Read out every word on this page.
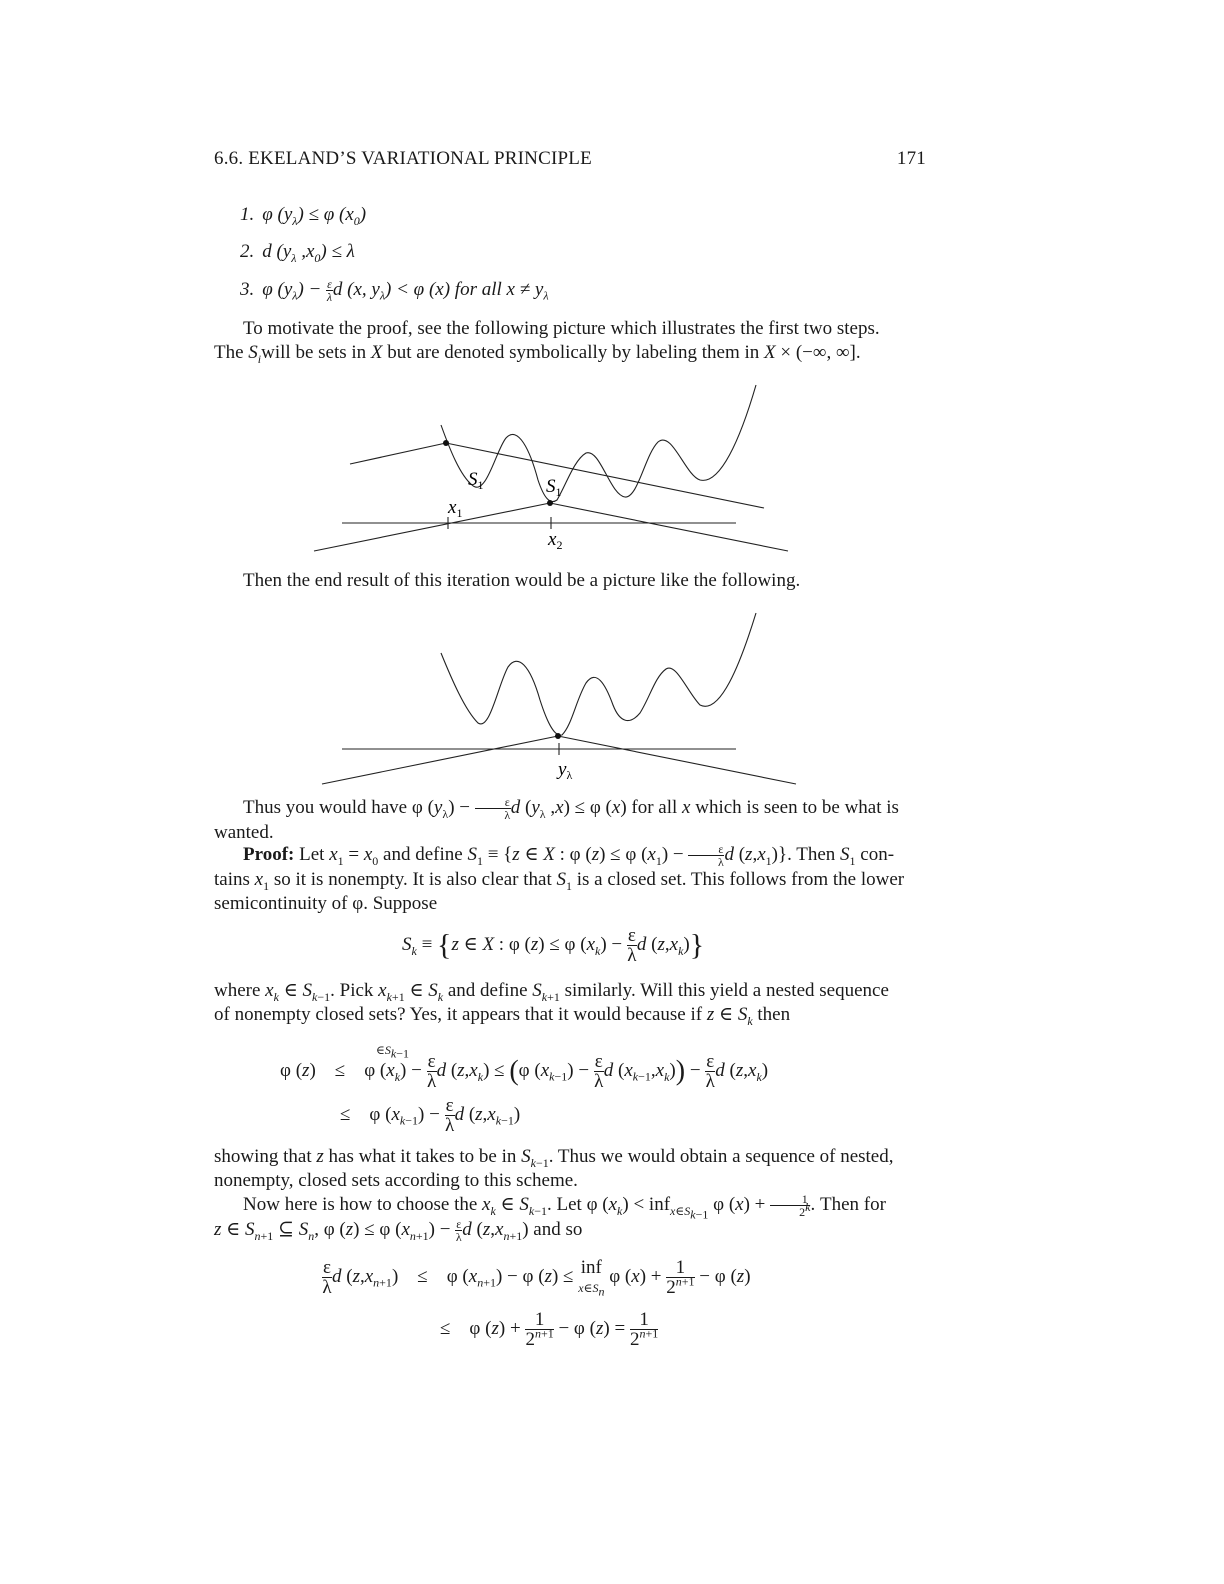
6.6. EKELAND’S VARIATIONAL PRINCIPLE	171
1. φ $(y_\lambda) \le \varphi$ $(x_0)$
2. d ($y_\lambda$ $,x_0) \le \lambda$
3. φ $(y_\lambda) - \frac{\varepsilon}{\lambda}$ d (x, $y_\lambda) < \varphi$ (x) for all $x \ne y_\lambda$
To motivate the proof, see the following picture which illustrates the first two steps.
The $S_iwill$ be sets in X but are denoted symbolically by labeling them in X × (−∞, ∞].
$S_1$	$S_1$
$x_1$
$x_2$
Then the end result of this iteration would be a picture like the following.
$y_\lambda$
Thus you would have φ $(y_\lambda) - \frac{\varepsilon}{\lambda}$ d ($y_\lambda$ ,x) ≤ φ (x) for all x which is seen to be what is
wanted.
Proof: Let $x_1 = x_0$ and define $S_1 \equiv \{z$ ∈ X : φ (z) ≤ φ $(x_1) - \frac{\varepsilon}{\lambda}$ d $(z,x_1)$}. Then $S_1$ con-
tains $x_1$ so it is nonempty. It is also clear that $S_1$ is a closed set. This follows from the lower
semicontinuity of φ. Suppose
$S_k \equiv \{z$ ∈ X : φ (z) ≤ φ $(x_k) - \frac{\varepsilon}{\lambda}$ d $(z,x_k)$}
where $x_k$ ∈ $S_{k-1}$. Pick $x_{k+1}$ ∈ $S_k$ and define $S_{k+1}$ similarly. Will this yield a nested sequence
of nonempty closed sets? Yes, it appears that it would because if z ∈ $S_k$ then
$\in S_{k-1}$
φ (z)    ≤    φ $(x_k) - \frac{\varepsilon}{\lambda}$ d $(z,x_k) \le (\varphi$ $(x_{k-1}) - \frac{\varepsilon}{\lambda}$ d $(x_{k-1},x_k)) - \frac{\varepsilon}{\lambda}$ d $(z,x_k)$
≤    φ $(x_{k-1}) - \frac{\varepsilon}{\lambda}$ d $(z,x_{k-1})$
showing that z has what it takes to be in $S_{k-1}$. Thus we would obtain a sequence of nested,
nonempty, closed sets according to this scheme.
Now here is how to choose the $x_k$ ∈ $S_{k-1}$. Let φ $(x_k) < inf_{x\in S_{k-1}}$ φ $(x) + \frac{1}{2^k}$ . Then for
z ∈ $S_{n+1}$ ⊆ $S_n$, φ (z) ≤ φ $(x_{n+1}) - \frac{\varepsilon}{\lambda}$ d $(z,x_{n+1})$ and so
$\frac{\varepsilon}{\lambda}$ d $(z,x_{n+1})$    ≤    φ $(x_{n+1}) - \varphi$ (z) ≤ inf
$x\in S_n$ φ $(x) + \frac{1}{2^{n+1}} - \varphi$ (z)
≤    φ $(z) + \frac{1}{2^{n+1}} - \varphi$ $(z) = \frac{1}{2^{n+1}}$
